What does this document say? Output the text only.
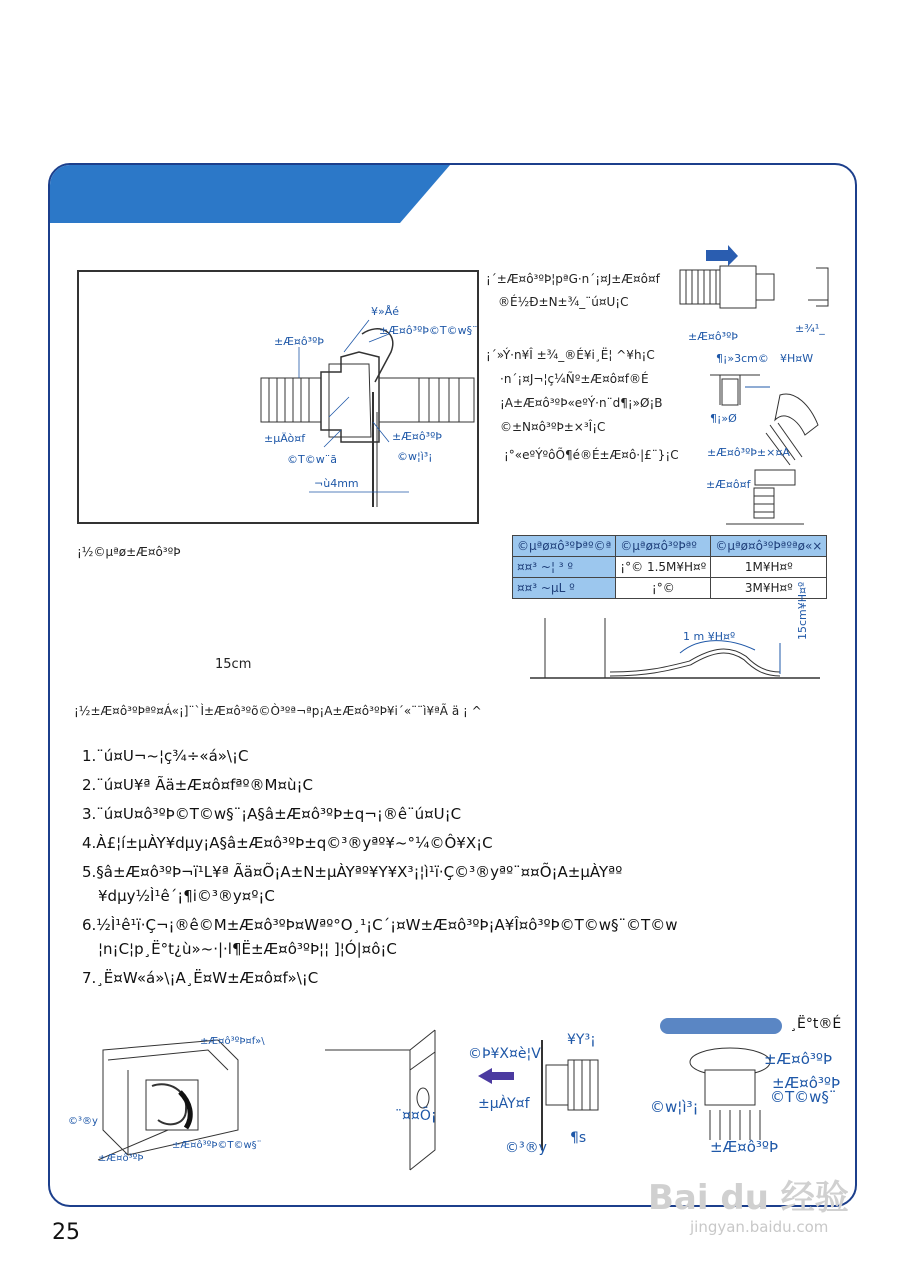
¥»Åé
±Æ¤ô³ºÞ©T©w§¨
±Æ¤ô³ºÞ
±µÄò¤f	±Æ¤ô³ºÞ
©T©w¨ã	©w¦ì³¡
¬ù4mm
¡½©µªø±Æ¤ô³ºÞ
¡´±Æ¤ô³ºÞ¦pªG·n´¡¤J±Æ¤ô¤f
®É½Ð±N±¾_¨ú¤U¡C
¡´»Ý·n¥Î ±¾_®É¥i¸Ë¦ ^¥h¡C
·n´¡¤J¬¦ç¼Ñº±Æ¤ô¤f®É
¡A±Æ¤ô³ºÞ«eºÝ·n¨d¶¡»Ø¡B
©±N¤ô³ºÞ±×³Î¡C
¡°«eºÝºôÕ¶é®É±Æ¤ô·|£¨}¡C
±Æ¤ô³ºÞ
±¾¹_
¶¡»3cm© ¥H¤W
¶¡»Ø
±Æ¤ô³ºÞ±×¤A
±Æ¤ô¤f
©µªø¤ô³ºÞªº©ª	©µªø¤ô³ºÞªº	©µªø¤ô³ºÞªºªø«×
¤¤³ ~¦ ³ º	¡°© 1.5M¥H¤º	1M¥H¤º
¤¤³ ~µL º	¡°©	3M¥H¤º
15cm
1 m ¥H¤º	15cm¥H¤º
¡½±Æ¤ô³ºÞªº¤Á«¡]¨`Ì±Æ¤ô³ºõ©Ò³ºª¬ªp¡A±Æ¤ô³ºÞ¥i´«¨¨ì¥ªÃ ä ¡ ^
1.¨ú¤U¬~¦ç¾÷«á»\¡C
2.¨ú¤U¥ª Ãä±Æ¤ô¤fªº®M¤ù¡C
3.¨ú¤U¤ô³ºÞ©T©w§¨¡A§â±Æ¤ô³ºÞ±q¬¡®ê¨ú¤U¡C
4.À£¦í±µÀY¥dµy¡A§â±Æ¤ô³ºÞ±q©³®yªº¥~°¼©Ô¥X¡C
5.§â±Æ¤ô³ºÞ¬ï¹L¥ª Ãä¤Õ¡A±N±µÀYªº¥Y¥X³¡¦ì¹ï·Ç©³®yªº¨¤¤Õ¡A±µÀYªº
¥dµy½Ì¹ê´¡¶i©³®y¤º¡C
6.½Ì¹ê¹ï·Ç¬¡®ê©M±Æ¤ô³ºÞ¤Wªº°O¸¹¡C´¡¤W±Æ¤ô³ºÞ¡A¥Î¤ô³ºÞ©T©w§¨©T©w
¦n¡C¦p¸Ë°t¿ù»~·|·l¶Ë±Æ¤ô³ºÞ¦¦ ]¦Ó|¤ô¡C
7.¸Ë¤W«á»\¡A¸Ë¤W±Æ¤ô¤f»\¡C
±Æ¤ô³ºÞ¤f»\
©³®y
±Æ¤ô³ºÞ
±Æ¤ô³ºÞ©T©w§¨
¨¤¤Õ¡
©Þ¥X¤è¦V
¥Y³¡
±µÀY¤f
©³®y
¶s
¸Ë°t®É
±Æ¤ô³ºÞ
±Æ¤ô³ºÞ
©T©w§¨
©w¦ì³¡
±Æ¤ô³ºÞ
25
Bai du 经验
jingyan.baidu.com
